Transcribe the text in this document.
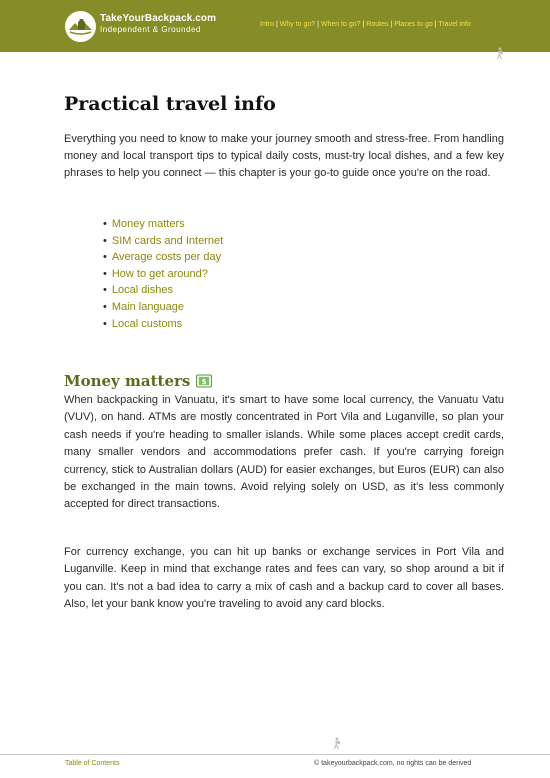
TakeYourBackpack.com
Independent & Grounded
Intro | Why to go? | When to go? | Routes | Places to go | Travel info
Practical travel info

Everything you need to know to make your journey smooth and stress-free. From handling money and local transport tips to typical daily costs, must-try local dishes, and a few key phrases to help you connect — this chapter is your go-to guide once you're on the road.

• Money matters
• SIM cards and Internet
• Average costs per day
• How to get around?
• Local dishes
• Main language
• Local customs
Money matters $

When backpacking in Vanuatu, it's smart to have some local currency, the Vanuatu Vatu (VUV), on hand. ATMs are mostly concentrated in Port Vila and Luganville, so plan your cash needs if you're heading to smaller islands. While some places accept credit cards, many smaller vendors and accommodations prefer cash. If you're carrying foreign currency, stick to Australian dollars (AUD) for easier exchanges, but Euros (EUR) can also be exchanged in the main towns. Avoid relying solely on USD, as it's less commonly accepted for direct transactions.

For currency exchange, you can hit up banks or exchange services in Port Vila and Luganville. Keep in mind that exchange rates and fees can vary, so shop around a bit if you can. It's not a bad idea to carry a mix of cash and a backup card to cover all bases. Also, let your bank know you're traveling to avoid any card blocks.

Table of Contents	© takeyourbackpack.com, no rights can be derived
